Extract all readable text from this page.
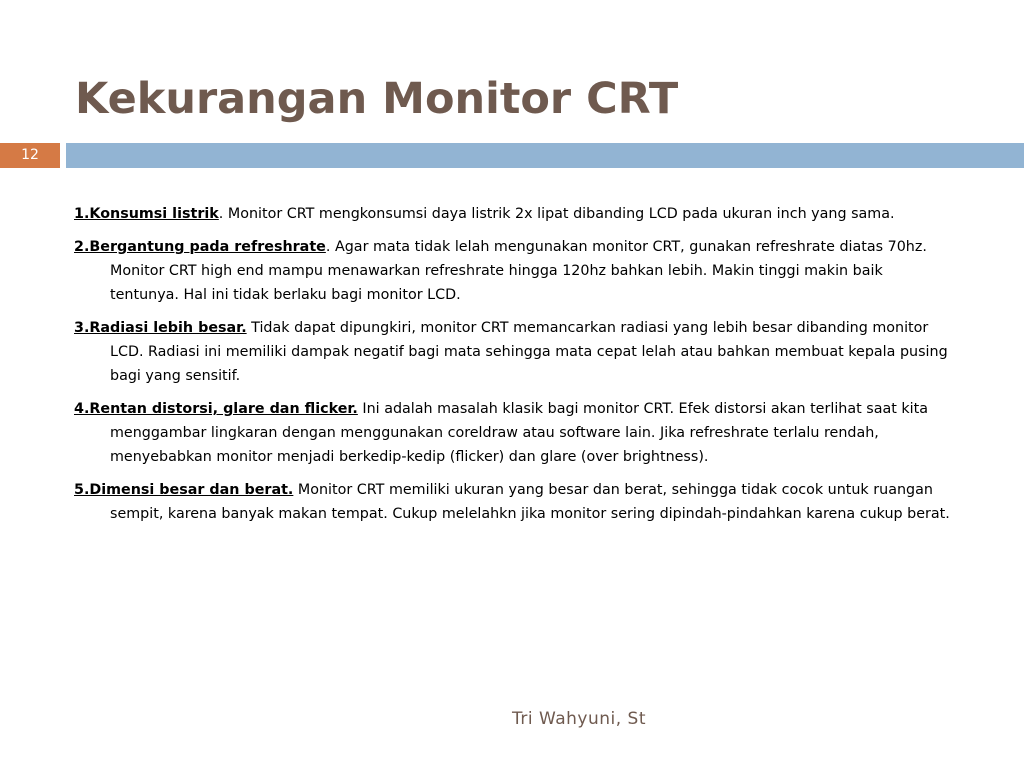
Kekurangan Monitor CRT
12

1.Konsumsi listrik. Monitor CRT mengkonsumsi daya listrik 2x lipat dibanding LCD pada ukuran inch yang sama.

2.Bergantung pada refreshrate. Agar mata tidak lelah mengunakan monitor CRT, gunakan refreshrate diatas 70hz. Monitor CRT high end mampu menawarkan refreshrate hingga 120hz bahkan lebih. Makin tinggi makin baik tentunya. Hal ini tidak berlaku bagi monitor LCD.

3.Radiasi lebih besar. Tidak dapat dipungkiri, monitor CRT memancarkan radiasi yang lebih besar dibanding monitor LCD. Radiasi ini memiliki dampak negatif bagi mata sehingga mata cepat lelah atau bahkan membuat kepala pusing bagi yang sensitif.

4.Rentan distorsi, glare dan flicker. Ini adalah masalah klasik bagi monitor CRT. Efek distorsi akan terlihat saat kita menggambar lingkaran dengan menggunakan coreldraw atau software lain. Jika refreshrate terlalu rendah, menyebabkan monitor menjadi berkedip-kedip (flicker) dan glare (over brightness).

5.Dimensi besar dan berat. Monitor CRT memiliki ukuran yang besar dan berat, sehingga tidak cocok untuk ruangan sempit, karena banyak makan tempat. Cukup melelahkn jika monitor sering dipindah-pindahkan karena cukup berat.

Tri Wahyuni, St
